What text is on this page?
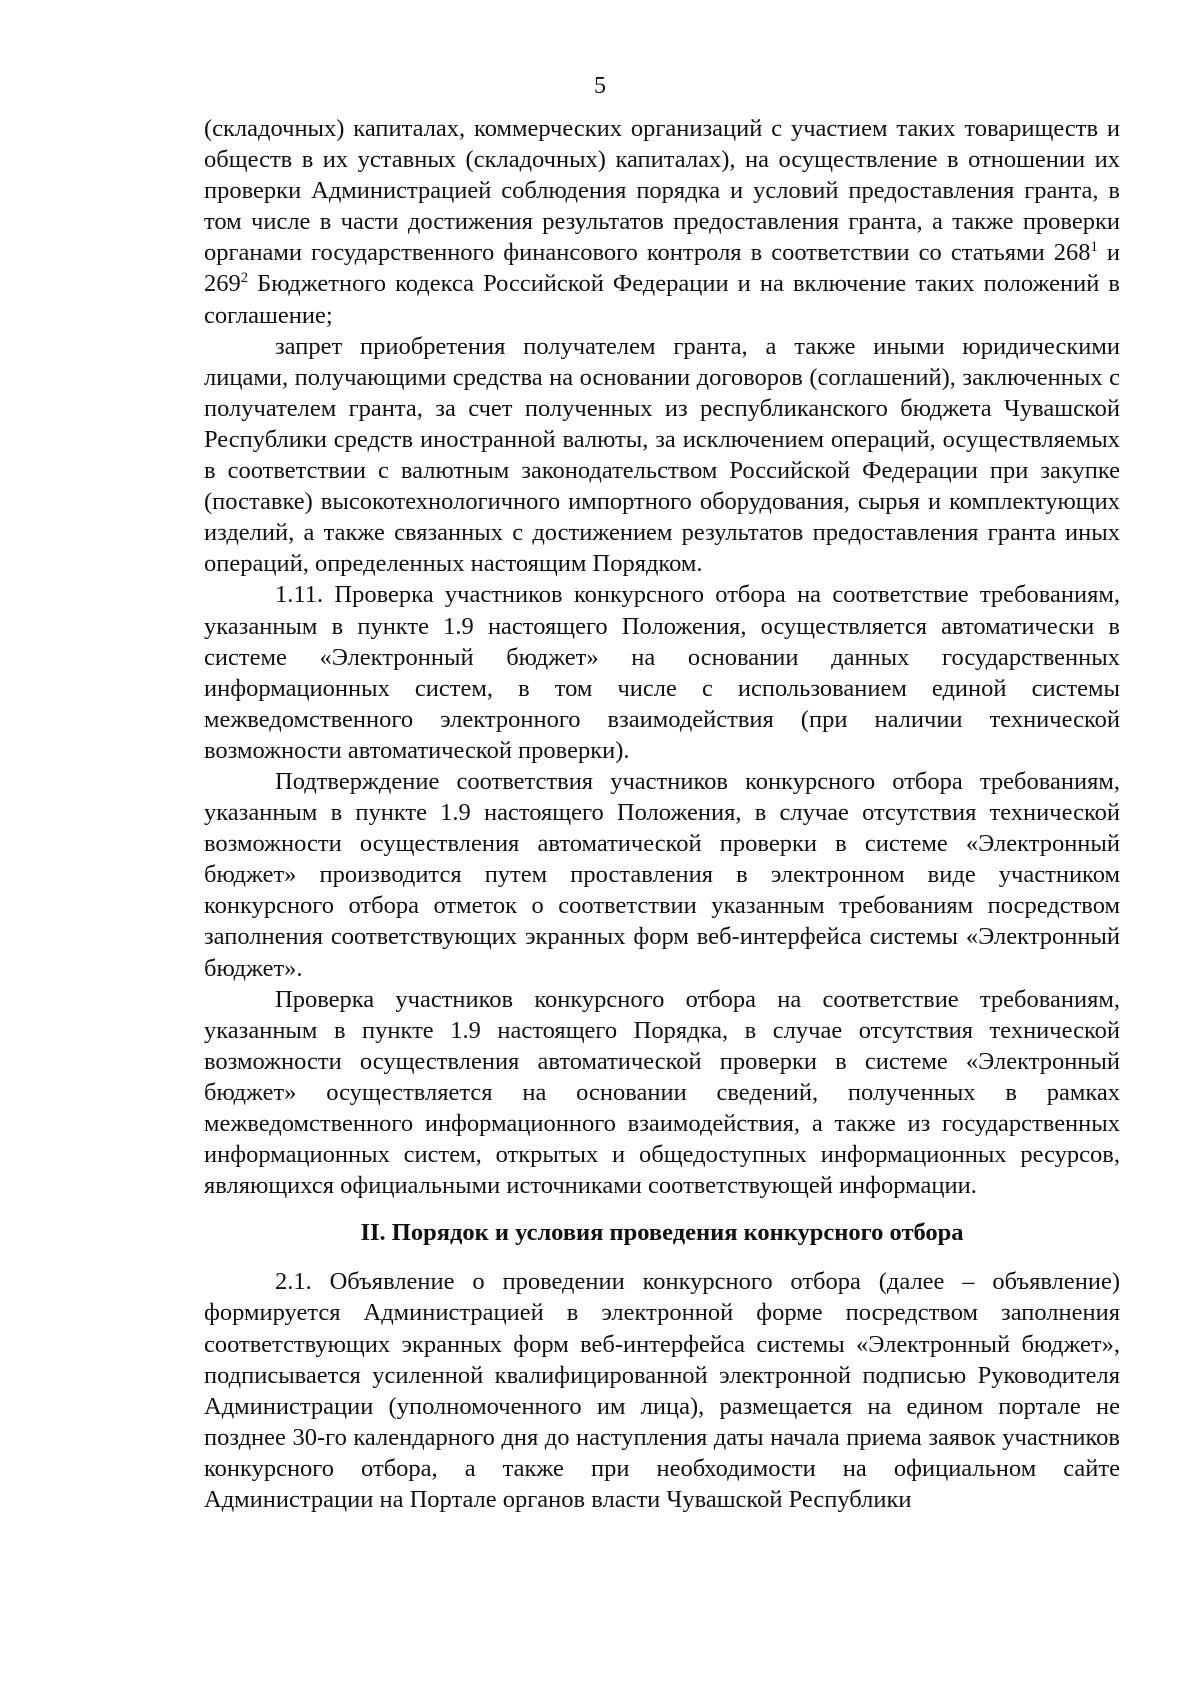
5

(складочных) капиталах, коммерческих организаций с участием таких товариществ и обществ в их уставных (складочных) капиталах), на осуществление в отношении их проверки Администрацией соблюдения порядка и условий предоставления гранта, в том числе в части достижения результатов предоставления гранта, а также проверки органами государственного финансового контроля в соответствии со статьями $268^1$ и $269^2$ Бюджетного кодекса Российской Федерации и на включение таких положений в соглашение;

запрет приобретения получателем гранта, а также иными юридическими лицами, получающими средства на основании договоров (соглашений), заключенных с получателем гранта, за счет полученных из республиканского бюджета Чувашской Республики средств иностранной валюты, за исключением операций, осуществляемых в соответствии с валютным законодательством Российской Федерации при закупке (поставке) высокотехнологичного импортного оборудования, сырья и комплектующих изделий, а также связанных с достижением результатов предоставления гранта иных операций, определенных настоящим Порядком.

1.11. Проверка участников конкурсного отбора на соответствие требованиям, указанным в пункте 1.9 настоящего Положения, осуществляется автоматически в системе «Электронный бюджет» на основании данных государственных информационных систем, в том числе с использованием единой системы межведомственного электронного взаимодействия (при наличии технической возможности автоматической проверки).

Подтверждение соответствия участников конкурсного отбора требованиям, указанным в пункте 1.9 настоящего Положения, в случае отсутствия технической возможности осуществления автоматической проверки в системе «Электронный бюджет» производится путем проставления в электронном виде участником конкурсного отбора отметок о соответствии указанным требованиям посредством заполнения соответствующих экранных форм веб-интерфейса системы «Электронный бюджет».

Проверка участников конкурсного отбора на соответствие требованиям, указанным в пункте 1.9 настоящего Порядка, в случае отсутствия технической возможности осуществления автоматической проверки в системе «Электронный бюджет» осуществляется на основании сведений, полученных в рамках межведомственного информационного взаимодействия, а также из государственных информационных систем, открытых и общедоступных информационных ресурсов, являющихся официальными источниками соответствующей информации.

II. Порядок и условия проведения конкурсного отбора

2.1. Объявление о проведении конкурсного отбора (далее – объявление) формируется Администрацией в электронной форме посредством заполнения соответствующих экранных форм веб-интерфейса системы «Электронный бюджет», подписывается усиленной квалифицированной электронной подписью Руководителя Администрации (уполномоченного им лица), размещается на едином портале не позднее 30-го календарного дня до наступления даты начала приема заявок участников конкурсного отбора, а также при необходимости на официальном сайте Администрации на Портале органов власти Чувашской Республики
